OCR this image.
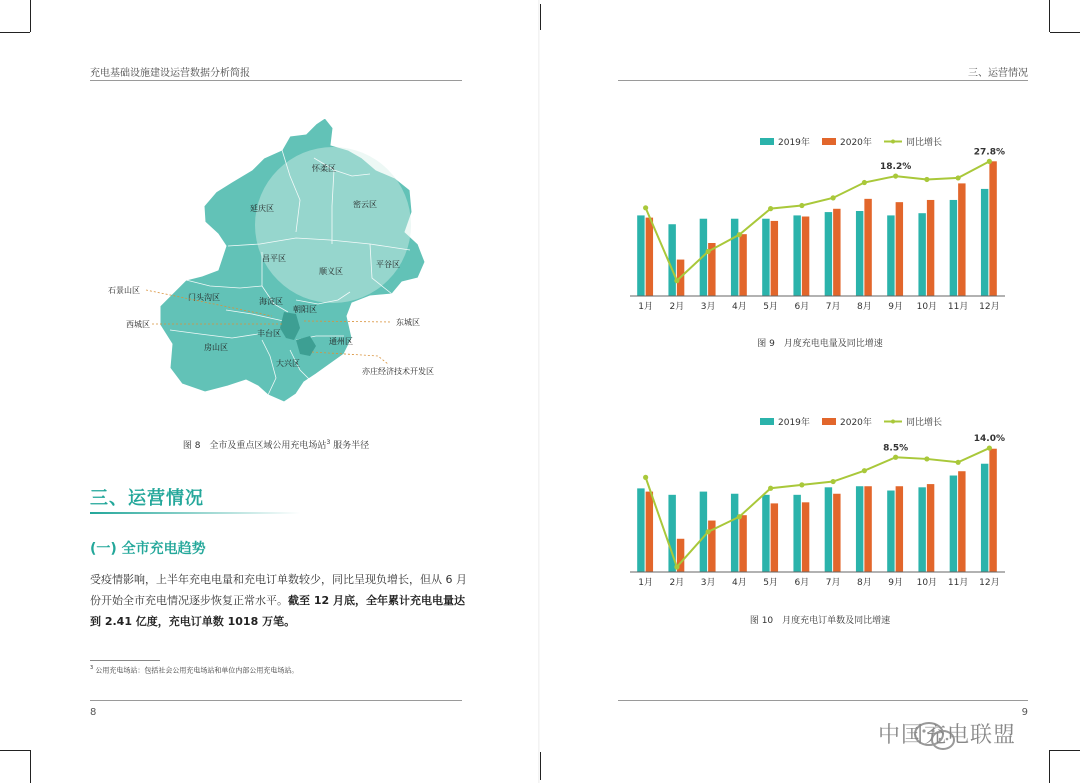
充电基础设施建设运营数据分析简报
怀柔区
延庆区	密云区
昌平区
平谷区
顺义区
门头沟区	海淀区
朝阳区
丰台区
房山区
通州区
大兴区
石景山区
西城区	东城区
亦庄经济技术开发区
图 8　全市及重点区域公用充电场站$^3$ 服务半径
三、运营情况
(一) 全市充电趋势
受疫情影响，上半年充电电量和充电订单数较少，同比呈现负增长，但从 6 月份开始全市充电情况逐步恢复正常水平。截至 12 月底，全年累计充电电量达到 2.41 亿度，充电订单数 1018 万笔。
$^3$ 公用充电场站：包括社会公用充电场站和单位内部公用充电场站。
8
三、运营情况
2019年	2020年	同比增长
1月 2月 3月 4月 5月 6月 7月 8月 9月 10月 11月 12月
18.2%
27.8%
图 9　月度充电电量及同比增速
2019年	2020年	同比增长
1月 2月 3月 4月 5月 6月 7月 8月 9月 10月 11月 12月
8.5%
14.0%
图 10　月度充电订单数及同比增速
9
中国充电联盟
